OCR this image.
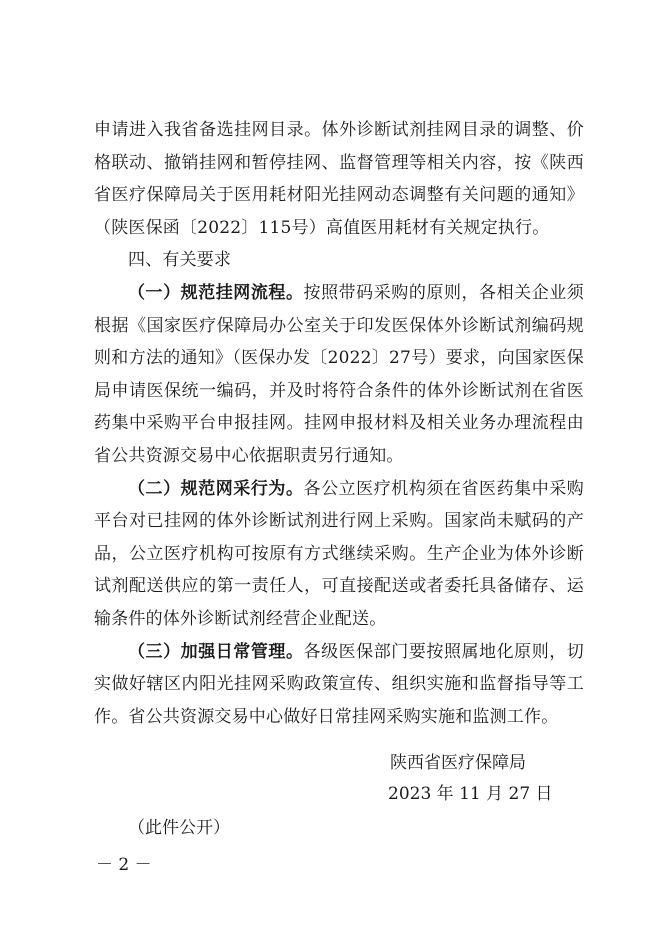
申请进入我省备选挂网目录。体外诊断试剂挂网目录的调整、价格联动、撤销挂网和暂停挂网、监督管理等相关内容，按《陕西省医疗保障局关于医用耗材阳光挂网动态调整有关问题的通知》（陕医保函〔2022〕115号）高值医用耗材有关规定执行。

四、有关要求

（一）规范挂网流程。按照带码采购的原则，各相关企业须根据《国家医疗保障局办公室关于印发医保体外诊断试剂编码规则和方法的通知》（医保办发〔2022〕27号）要求，向国家医保局申请医保统一编码，并及时将符合条件的体外诊断试剂在省医药集中采购平台申报挂网。挂网申报材料及相关业务办理流程由省公共资源交易中心依据职责另行通知。

（二）规范网采行为。各公立医疗机构须在省医药集中采购平台对已挂网的体外诊断试剂进行网上采购。国家尚未赋码的产品，公立医疗机构可按原有方式继续采购。生产企业为体外诊断试剂配送供应的第一责任人，可直接配送或者委托具备储存、运输条件的体外诊断试剂经营企业配送。

（三）加强日常管理。各级医保部门要按照属地化原则，切实做好辖区内阳光挂网采购政策宣传、组织实施和监督指导等工作。省公共资源交易中心做好日常挂网采购实施和监测工作。

陕西省医疗保障局
2023 年 11 月 27 日
（此件公开）
－ 2 －
